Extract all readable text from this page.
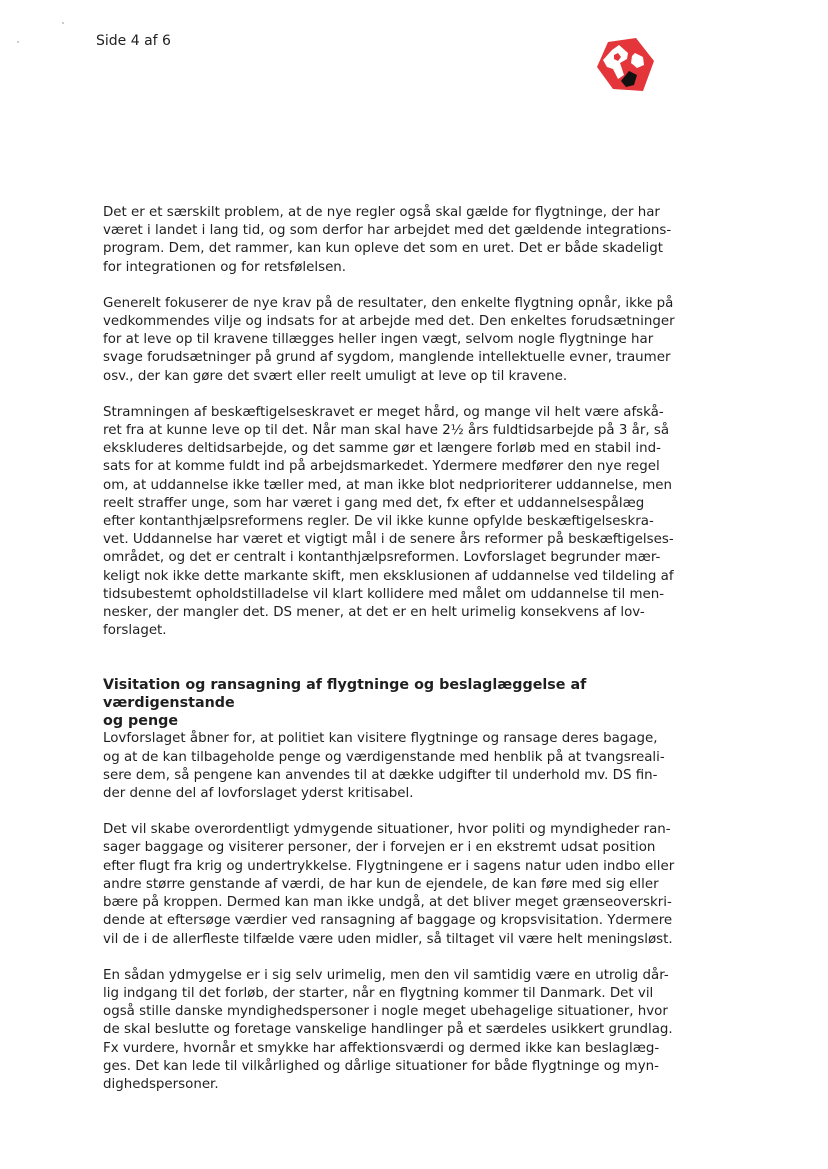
Side 4 af 6

Det er et særskilt problem, at de nye regler også skal gælde for flygtninge, der har
været i landet i lang tid, og som derfor har arbejdet med det gældende integrations-
program. Dem, det rammer, kan kun opleve det som en uret. Det er både skadeligt
for integrationen og for retsfølelsen.

Generelt fokuserer de nye krav på de resultater, den enkelte flygtning opnår, ikke på
vedkommendes vilje og indsats for at arbejde med det. Den enkeltes forudsætninger
for at leve op til kravene tillægges heller ingen vægt, selvom nogle flygtninge har
svage forudsætninger på grund af sygdom, manglende intellektuelle evner, traumer
osv., der kan gøre det svært eller reelt umuligt at leve op til kravene.

Stramningen af beskæftigelseskravet er meget hård, og mange vil helt være afskå-
ret fra at kunne leve op til det. Når man skal have 2½ års fuldtidsarbejde på 3 år, så
ekskluderes deltidsarbejde, og det samme gør et længere forløb med en stabil ind-
sats for at komme fuldt ind på arbejdsmarkedet. Ydermere medfører den nye regel
om, at uddannelse ikke tæller med, at man ikke blot nedprioriterer uddannelse, men
reelt straffer unge, som har været i gang med det, fx efter et uddannelsespålæg
efter kontanthjælpsreformens regler. De vil ikke kunne opfylde beskæftigelseskra-
vet. Uddannelse har været et vigtigt mål i de senere års reformer på beskæftigelses-
området, og det er centralt i kontanthjælpsreformen. Lovforslaget begrunder mær-
keligt nok ikke dette markante skift, men eksklusionen af uddannelse ved tildeling af
tidsubestemt opholdstilladelse vil klart kollidere med målet om uddannelse til men-
nesker, der mangler det. DS mener, at det er en helt urimelig konsekvens af lov-
forslaget.

Visitation og ransagning af flygtninge og beslaglæggelse af værdigenstande
og penge

Lovforslaget åbner for, at politiet kan visitere flygtninge og ransage deres bagage,
og at de kan tilbageholde penge og værdigenstande med henblik på at tvangsreali-
sere dem, så pengene kan anvendes til at dække udgifter til underhold mv. DS fin-
der denne del af lovforslaget yderst kritisabel.

Det vil skabe overordentligt ydmygende situationer, hvor politi og myndigheder ran-
sager baggage og visiterer personer, der i forvejen er i en ekstremt udsat position
efter flugt fra krig og undertrykkelse. Flygtningene er i sagens natur uden indbo eller
andre større genstande af værdi, de har kun de ejendele, de kan føre med sig eller
bære på kroppen. Dermed kan man ikke undgå, at det bliver meget grænseoverskri-
dende at eftersøge værdier ved ransagning af baggage og kropsvisitation. Ydermere
vil de i de allerfleste tilfælde være uden midler, så tiltaget vil være helt meningsløst.

En sådan ydmygelse er i sig selv urimelig, men den vil samtidig være en utrolig dår-
lig indgang til det forløb, der starter, når en flygtning kommer til Danmark. Det vil
også stille danske myndighedspersoner i nogle meget ubehagelige situationer, hvor
de skal beslutte og foretage vanskelige handlinger på et særdeles usikkert grundlag.
Fx vurdere, hvornår et smykke har affektionsværdi og dermed ikke kan beslaglæg-
ges. Det kan lede til vilkårlighed og dårlige situationer for både flygtninge og myn-
dighedspersoner.
